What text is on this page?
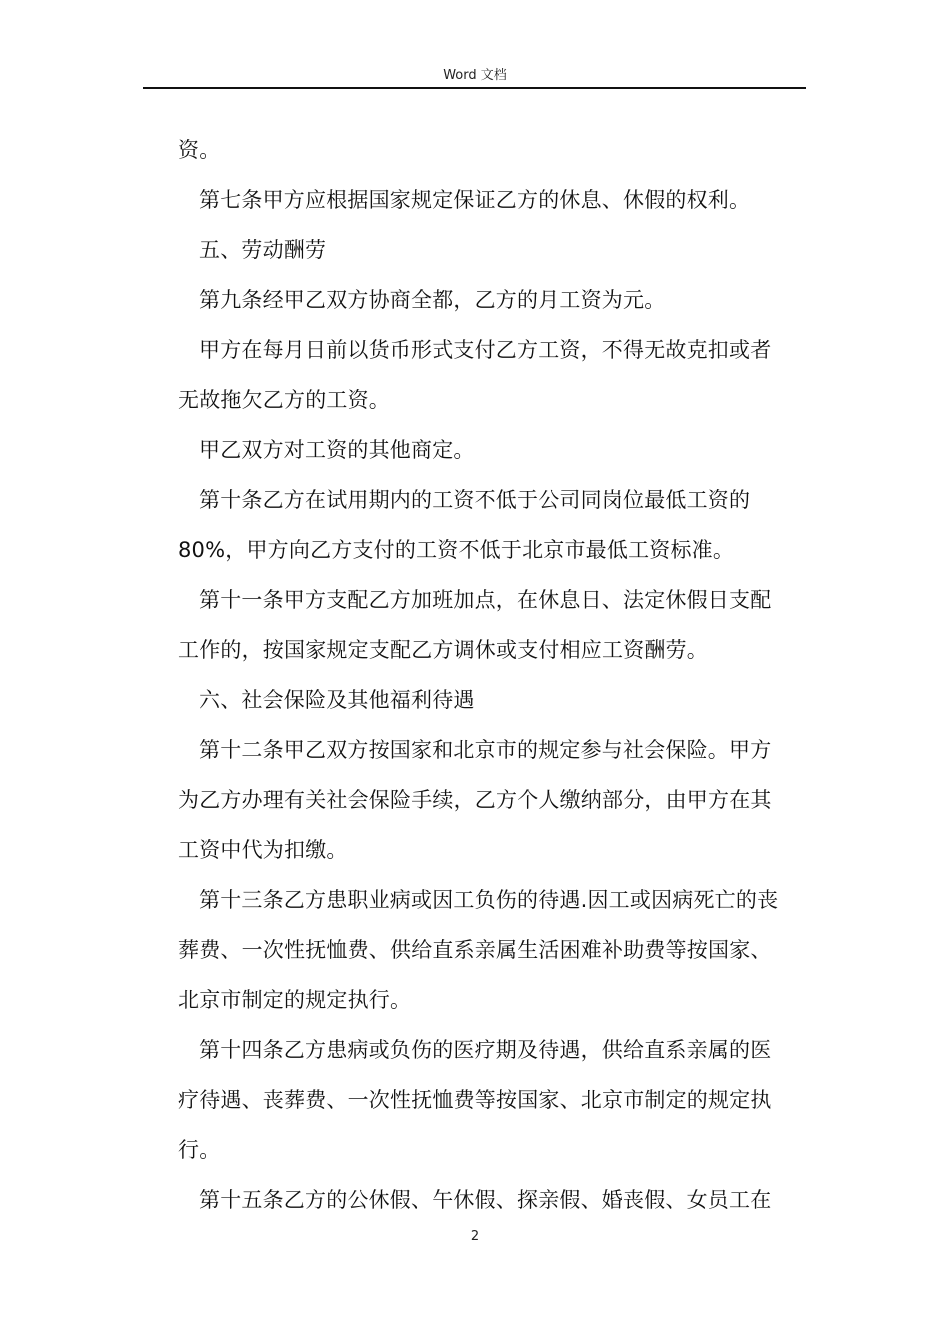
Word 文档
资。
第七条甲方应根据国家规定保证乙方的休息、休假的权利。
五、劳动酬劳
第九条经甲乙双方协商全都，乙方的月工资为元。
甲方在每月日前以货币形式支付乙方工资，不得无故克扣或者
无故拖欠乙方的工资。
甲乙双方对工资的其他商定。
第十条乙方在试用期内的工资不低于公司同岗位最低工资的
80%，甲方向乙方支付的工资不低于北京市最低工资标准。
第十一条甲方支配乙方加班加点，在休息日、法定休假日支配
工作的，按国家规定支配乙方调休或支付相应工资酬劳。
六、社会保险及其他福利待遇
第十二条甲乙双方按国家和北京市的规定参与社会保险。甲方
为乙方办理有关社会保险手续，乙方个人缴纳部分，由甲方在其
工资中代为扣缴。
第十三条乙方患职业病或因工负伤的待遇.因工或因病死亡的丧
葬费、一次性抚恤费、供给直系亲属生活困难补助费等按国家、
北京市制定的规定执行。
第十四条乙方患病或负伤的医疗期及待遇，供给直系亲属的医
疗待遇、丧葬费、一次性抚恤费等按国家、北京市制定的规定执
行。
第十五条乙方的公休假、午休假、探亲假、婚丧假、女员工在
2
